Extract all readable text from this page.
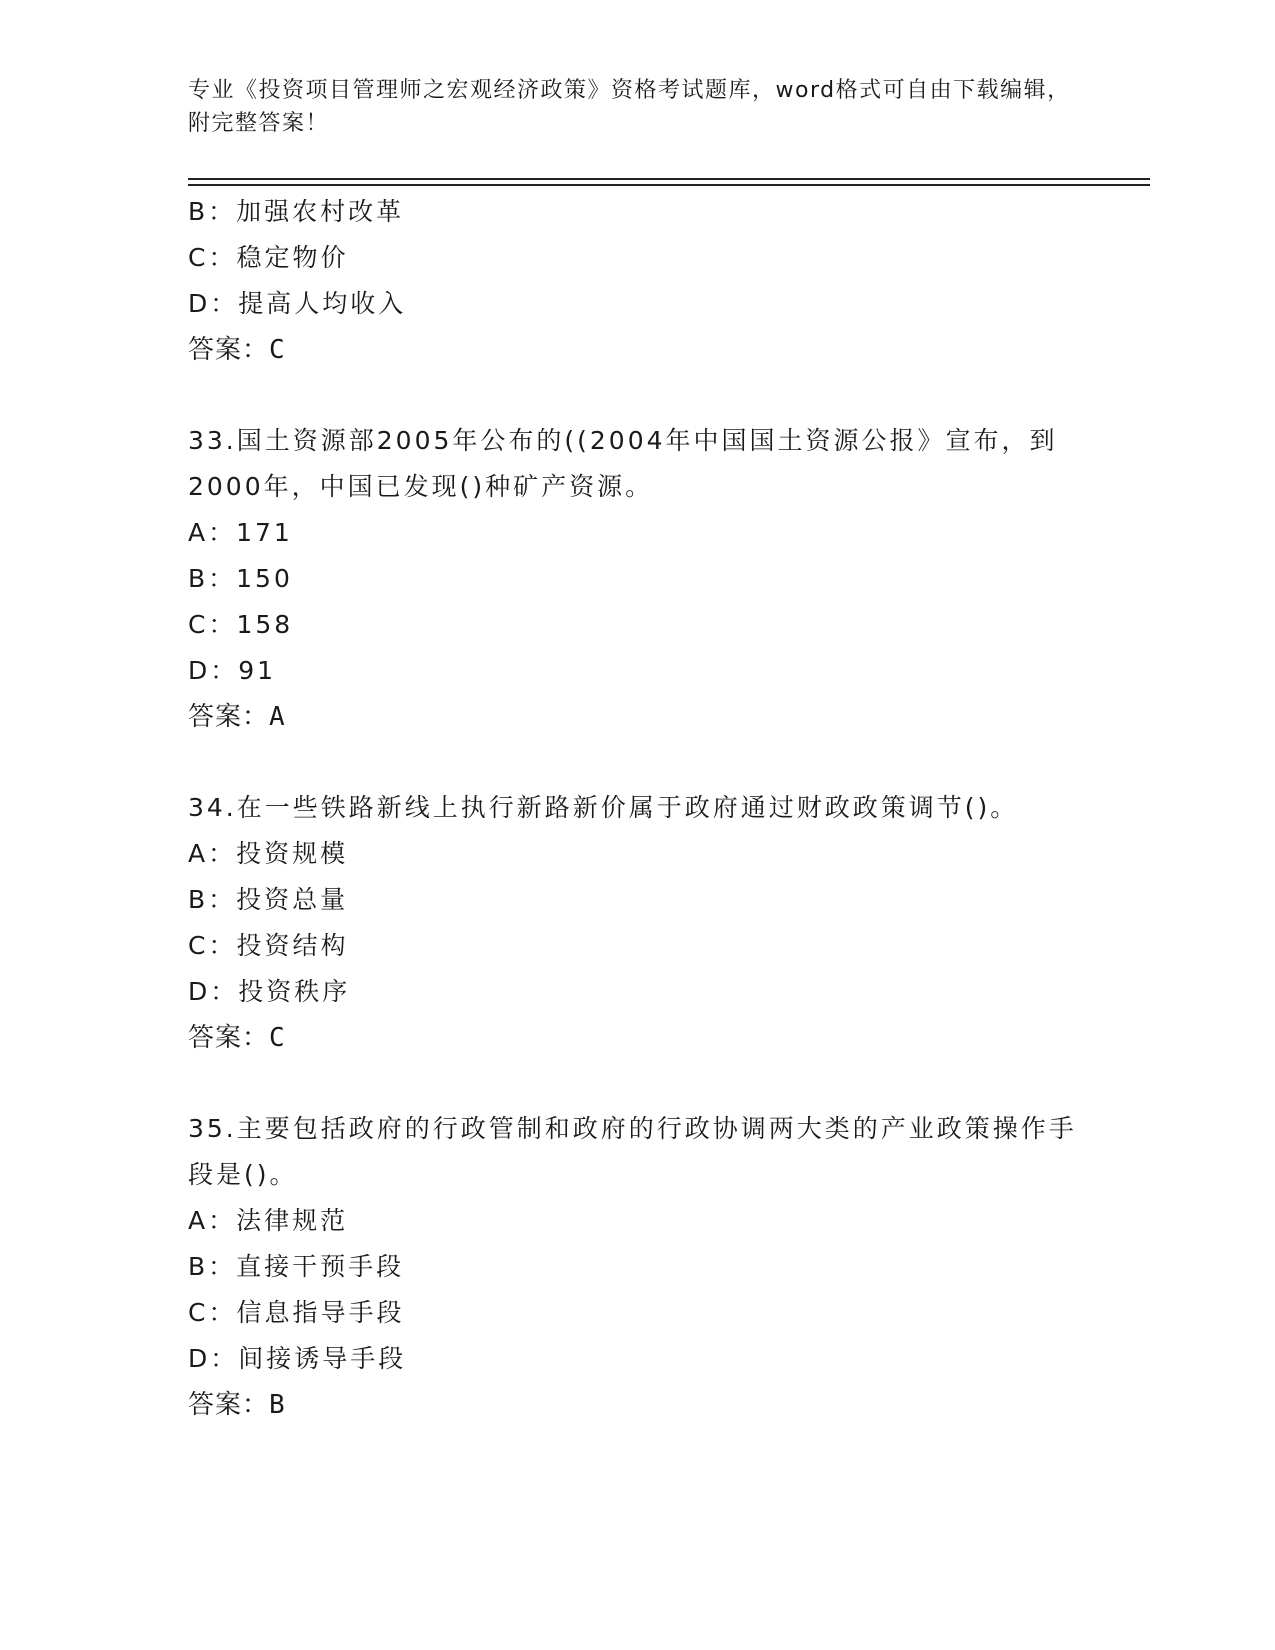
专业《投资项目管理师之宏观经济政策》资格考试题库，word格式可自由下载编辑，附完整答案！
B：加强农村改革
C：稳定物价
D：提高人均收入
答案：C
33.国土资源部2005年公布的((2004年中国国土资源公报》宣布，到2000年，中国已发现()种矿产资源。
A：171
B：150
C：158
D：91
答案：A
34.在一些铁路新线上执行新路新价属于政府通过财政政策调节()。
A：投资规模
B：投资总量
C：投资结构
D：投资秩序
答案：C
35.主要包括政府的行政管制和政府的行政协调两大类的产业政策操作手段是()。
A：法律规范
B：直接干预手段
C：信息指导手段
D：间接诱导手段
答案：B
